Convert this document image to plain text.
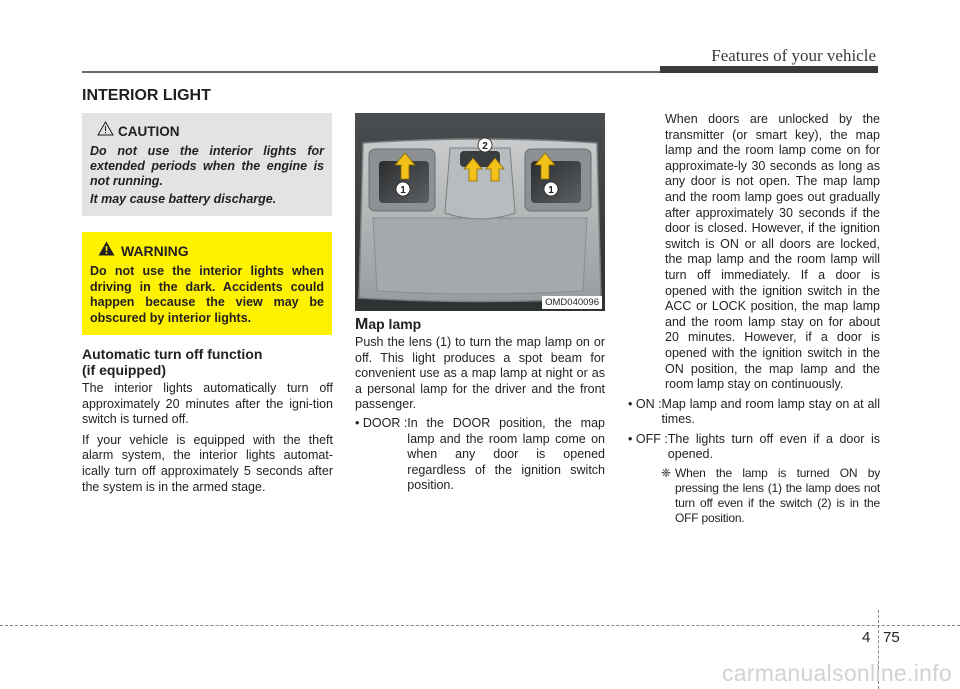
Features of your vehicle
INTERIOR LIGHT
CAUTION

Do not use the interior lights for extended periods when the engine is not running.

It may cause battery discharge.

WARNING
Do not use the interior lights when driving in the dark. Accidents could happen because the view may be obscured by interior lights.
Automatic turn off function
(if equipped)

The interior lights automatically turn off approximately 20 minutes after the igni-tion switch is turned off.

If your vehicle is equipped with the theft alarm system, the interior lights automat-ically turn off approximately 5 seconds after the system is in the armed stage.

1	1
2
OMD040096
Map lamp

Push the lens (1) to turn the map lamp on or off. This light produces a spot beam for convenient use as a map lamp at night or as a personal lamp for the driver and the front passenger.

• DOOR : In the DOOR position, the map lamp and the room lamp come on when any door is opened regardless of the ignition switch position.

When doors are unlocked by the transmitter (or smart key), the map lamp and the room lamp come on for approximate-ly 30 seconds as long as any door is not open. The map lamp and the room lamp goes out gradually after approximately 30 seconds if the door is closed. However, if the ignition switch is ON or all doors are locked, the map lamp and the room lamp will turn off immediately. If a door is opened with the ignition switch in the ACC or LOCK position, the map lamp and the room lamp stay on for about 20 minutes. However, if a door is opened with the ignition switch in the ON position, the map lamp and the room lamp stay on continuously.

• ON : Map lamp and room lamp stay on at all times.
• OFF : The lights turn off even if a door is opened.
❈ When the lamp is turned ON by pressing the lens (1) the lamp does not turn off even if the switch (2) is in the OFF position.
4 75
carmanualsonline.info
